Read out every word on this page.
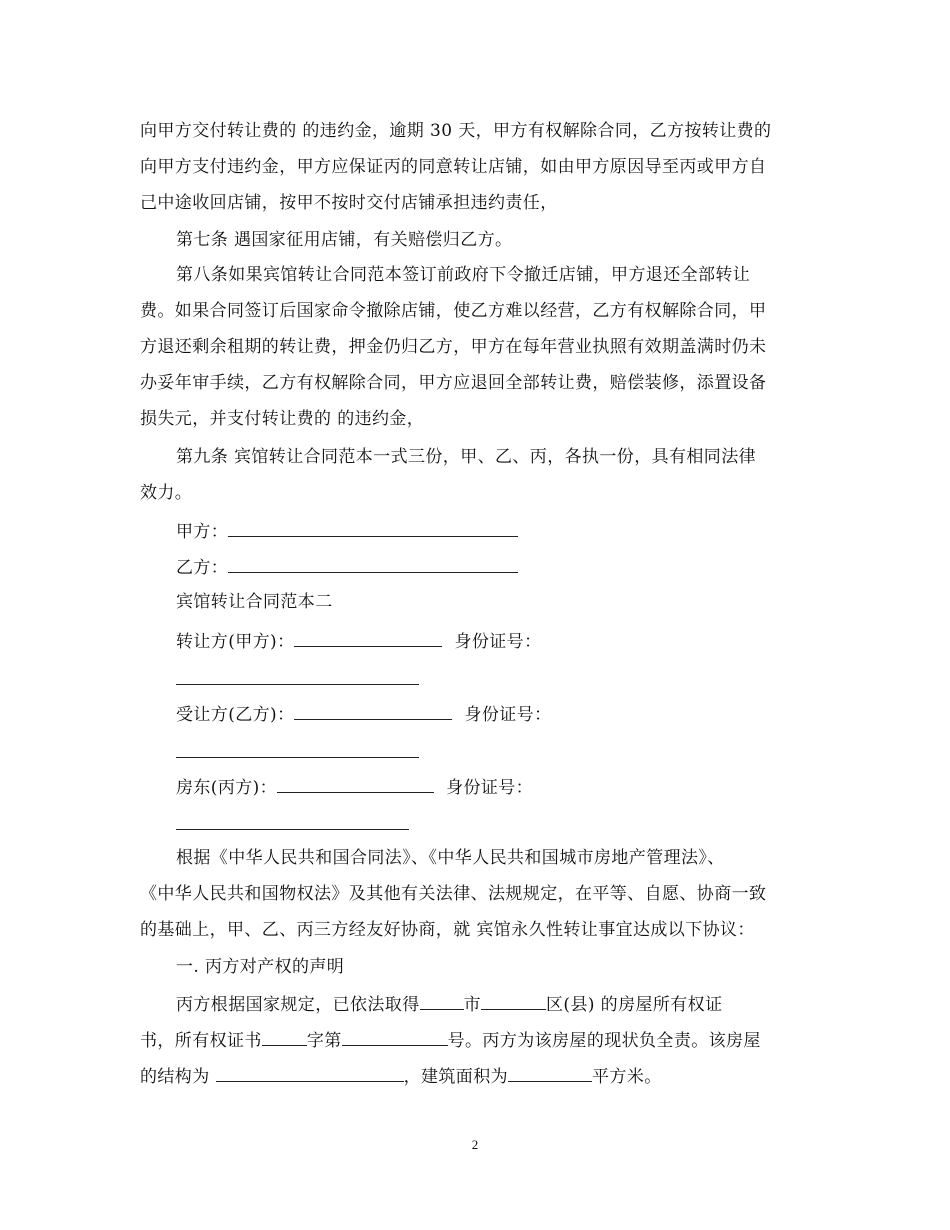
向甲方交付转让费的 的违约金，逾期 30 天，甲方有权解除合同，乙方按转让费的
向甲方支付违约金，甲方应保证丙的同意转让店铺，如由甲方原因导至丙或甲方自
己中途收回店铺，按甲不按时交付店铺承担违约责任，
第七条 遇国家征用店铺，有关赔偿归乙方。
第八条如果宾馆转让合同范本签订前政府下令撤迁店铺，甲方退还全部转让
费。如果合同签订后国家命令撤除店铺，使乙方难以经营，乙方有权解除合同，甲
方退还剩余租期的转让费，押金仍归乙方，甲方在每年营业执照有效期盖满时仍未
办妥年审手续，乙方有权解除合同，甲方应退回全部转让费，赔偿装修，添置设备
损失元，并支付转让费的 的违约金，
第九条 宾馆转让合同范本一式三份，甲、乙、丙，各执一份，具有相同法律
效力。
甲方：
乙方：
宾馆转让合同范本二
转让方(甲方)：	身份证号：
受让方(乙方)：	身份证号：
房东(丙方)：	身份证号：
根据《中华人民共和国合同法》、《中华人民共和国城市房地产管理法》、
《中华人民共和国物权法》及其他有关法律、法规规定，在平等、自愿、协商一致
的基础上，甲、乙、丙三方经友好协商，就 宾馆永久性转让事宜达成以下协议：
一. 丙方对产权的声明
丙方根据国家规定，已依法取得	市	区(县) 的房屋所有权证
书，所有权证书	字第	号。丙方为该房屋的现状负全责。该房屋
的结构为	，建筑面积为	平方米。
2
